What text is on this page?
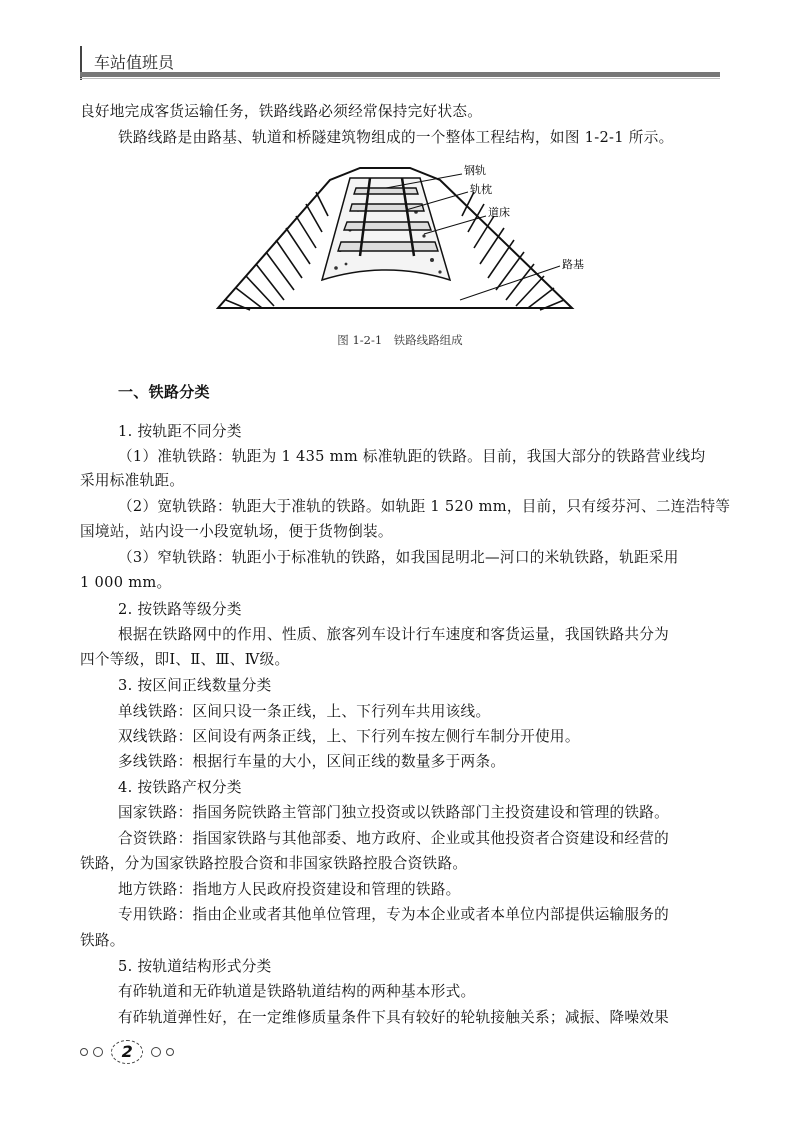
车站值班员
良好地完成客货运输任务，铁路线路必须经常保持完好状态。
铁路线路是由路基、轨道和桥隧建筑物组成的一个整体工程结构，如图 1-2-1 所示。
钢轨
轨枕
道床
路基
图 1-2-1　铁路线路组成
一、铁路分类
1. 按轨距不同分类
（1）准轨铁路：轨距为 1 435 mm 标准轨距的铁路。目前，我国大部分的铁路营业线均
采用标准轨距。
（2）宽轨铁路：轨距大于准轨的铁路。如轨距 1 520 mm，目前，只有绥芬河、二连浩特等
国境站，站内设一小段宽轨场，便于货物倒装。
（3）窄轨铁路：轨距小于标准轨的铁路，如我国昆明北—河口的米轨铁路，轨距采用
1 000 mm。
2. 按铁路等级分类
根据在铁路网中的作用、性质、旅客列车设计行车速度和客货运量，我国铁路共分为
四个等级，即Ⅰ、Ⅱ、Ⅲ、Ⅳ级。
3. 按区间正线数量分类
单线铁路：区间只设一条正线，上、下行列车共用该线。
双线铁路：区间设有两条正线，上、下行列车按左侧行车制分开使用。
多线铁路：根据行车量的大小，区间正线的数量多于两条。
4. 按铁路产权分类
国家铁路：指国务院铁路主管部门独立投资或以铁路部门主投资建设和管理的铁路。
合资铁路：指国家铁路与其他部委、地方政府、企业或其他投资者合资建设和经营的
铁路，分为国家铁路控股合资和非国家铁路控股合资铁路。
地方铁路：指地方人民政府投资建设和管理的铁路。
专用铁路：指由企业或者其他单位管理，专为本企业或者本单位内部提供运输服务的
铁路。
5. 按轨道结构形式分类
有砟轨道和无砟轨道是铁路轨道结构的两种基本形式。
有砟轨道弹性好，在一定维修质量条件下具有较好的轮轨接触关系；减振、降噪效果
2
